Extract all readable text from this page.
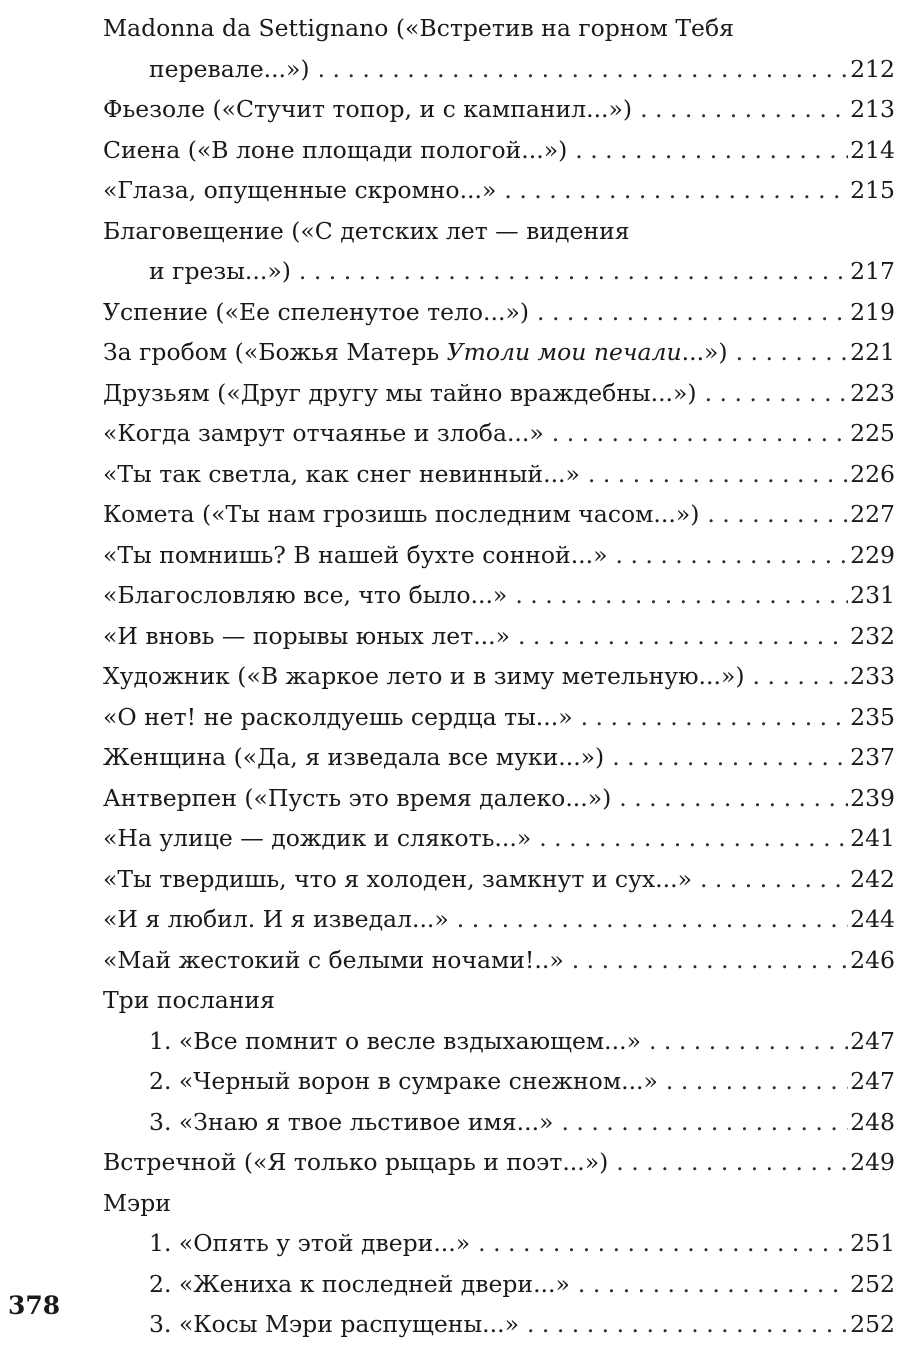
Madonna da Settignano («Встретив на горном Тебя
перевале...») . . .	212
Фьезоле («Стучит топор, и с кампанил...») . . .	213
Сиена («В лоне площади пологой...») . . .	214
«Глаза, опущенные скромно...» . . .	215
Благовещение («С детских лет — видения
и грезы...») . . .	217
Успение («Ее спеленутое тело...») . . .	219
За гробом («Божья Матерь Утоли мои печали...») . . .	221
Друзьям («Друг другу мы тайно враждебны...») . . .	223
«Когда замрут отчаянье и злоба...» . . .	225
«Ты так светла, как снег невинный...» . . .	226
Комета («Ты нам грозишь последним часом...») . . .	227
«Ты помнишь? В нашей бухте сонной...» . . .	229
«Благословляю все, что было...» . . .	231
«И вновь — порывы юных лет...» . . .	232
Художник («В жаркое лето и в зиму метельную...») . . .	233
«О нет! не расколдуешь сердца ты...» . . .	235
Женщина («Да, я изведала все муки...») . . .	237
Антверпен («Пусть это время далеко...») . . .	239
«На улице — дождик и слякоть...» . . .	241
«Ты твердишь, что я холоден, замкнут и сух...» . . .	242
«И я любил. И я изведал...» . . .	244
«Май жестокий с белыми ночами!..» . . .	246
Три послания
1. «Все помнит о весле вздыхающем...» . . .	247
2. «Черный ворон в сумраке снежном...» . . .	247
3. «Знаю я твое льстивое имя...» . . .	248
Встречной («Я только рыцарь и поэт...») . . .	249
Мэри
1. «Опять у этой двери...» . . .	251
2. «Жениха к последней двери...» . . .	252
3. «Косы Мэри распущены...» . . .	252
378
